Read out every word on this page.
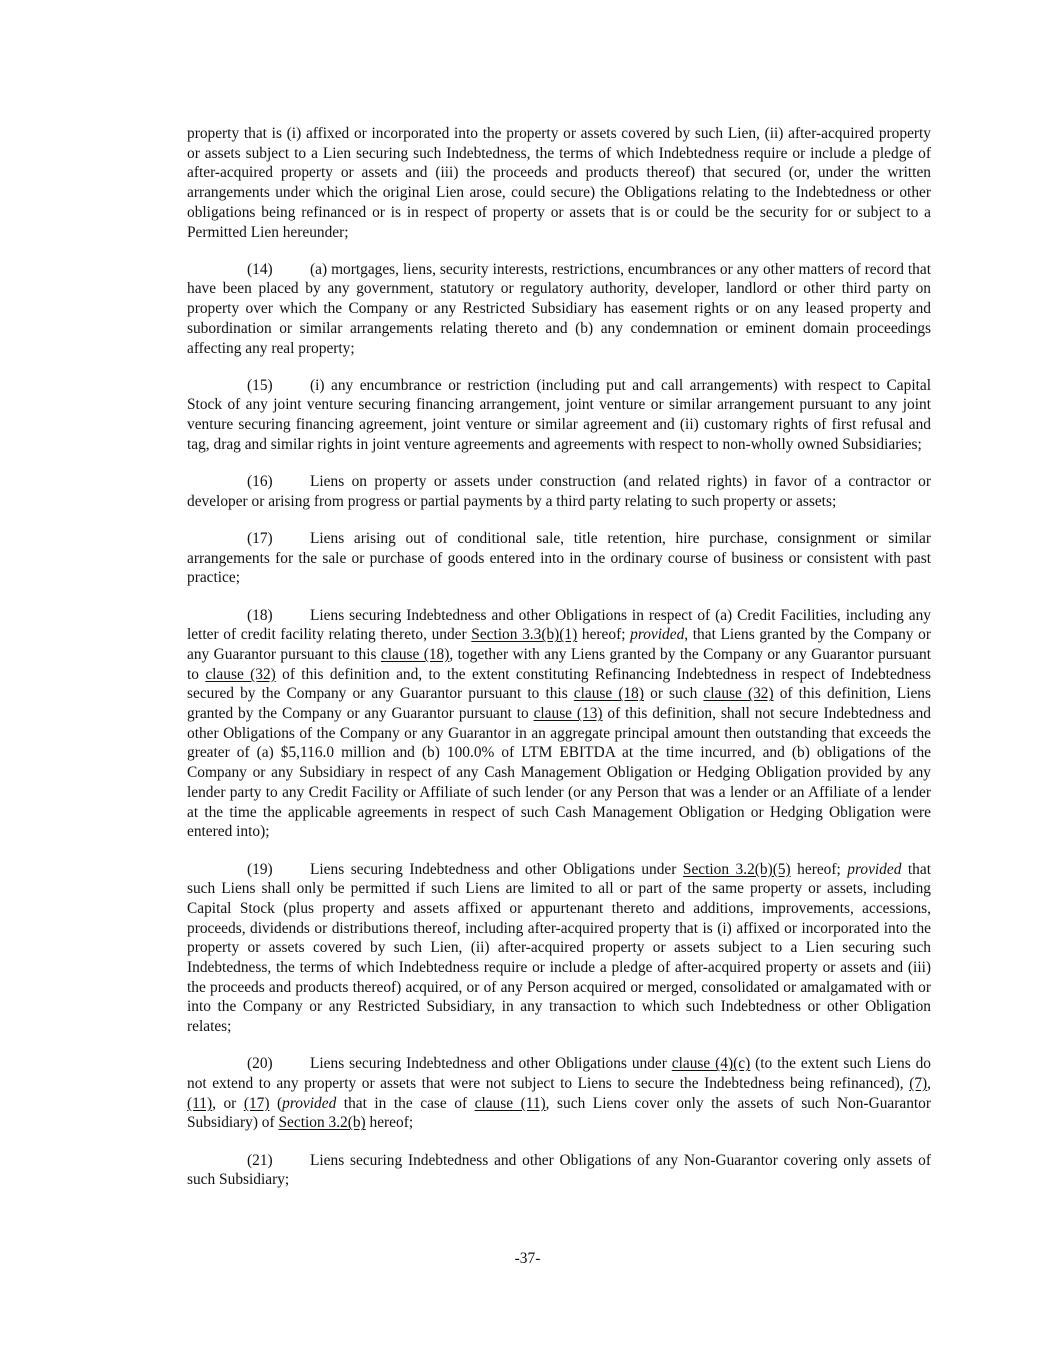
property that is (i) affixed or incorporated into the property or assets covered by such Lien, (ii) after-acquired property or assets subject to a Lien securing such Indebtedness, the terms of which Indebtedness require or include a pledge of after-acquired property or assets and (iii) the proceeds and products thereof) that secured (or, under the written arrangements under which the original Lien arose, could secure) the Obligations relating to the Indebtedness or other obligations being refinanced or is in respect of property or assets that is or could be the security for or subject to a Permitted Lien hereunder;

(14) (a) mortgages, liens, security interests, restrictions, encumbrances or any other matters of record that have been placed by any government, statutory or regulatory authority, developer, landlord or other third party on property over which the Company or any Restricted Subsidiary has easement rights or on any leased property and subordination or similar arrangements relating thereto and (b) any condemnation or eminent domain proceedings affecting any real property;

(15) (i) any encumbrance or restriction (including put and call arrangements) with respect to Capital Stock of any joint venture securing financing arrangement, joint venture or similar arrangement pursuant to any joint venture securing financing agreement, joint venture or similar agreement and (ii) customary rights of first refusal and tag, drag and similar rights in joint venture agreements and agreements with respect to non-wholly owned Subsidiaries;

(16) Liens on property or assets under construction (and related rights) in favor of a contractor or developer or arising from progress or partial payments by a third party relating to such property or assets;

(17) Liens arising out of conditional sale, title retention, hire purchase, consignment or similar arrangements for the sale or purchase of goods entered into in the ordinary course of business or consistent with past practice;

(18) Liens securing Indebtedness and other Obligations in respect of (a) Credit Facilities, including any letter of credit facility relating thereto, under Section 3.3(b)(1) hereof; provided, that Liens granted by the Company or any Guarantor pursuant to this clause (18), together with any Liens granted by the Company or any Guarantor pursuant to clause (32) of this definition and, to the extent constituting Refinancing Indebtedness in respect of Indebtedness secured by the Company or any Guarantor pursuant to this clause (18) or such clause (32) of this definition, Liens granted by the Company or any Guarantor pursuant to clause (13) of this definition, shall not secure Indebtedness and other Obligations of the Company or any Guarantor in an aggregate principal amount then outstanding that exceeds the greater of (a) $5,116.0 million and (b) 100.0% of LTM EBITDA at the time incurred, and (b) obligations of the Company or any Subsidiary in respect of any Cash Management Obligation or Hedging Obligation provided by any lender party to any Credit Facility or Affiliate of such lender (or any Person that was a lender or an Affiliate of a lender at the time the applicable agreements in respect of such Cash Management Obligation or Hedging Obligation were entered into);

(19) Liens securing Indebtedness and other Obligations under Section 3.2(b)(5) hereof; provided that such Liens shall only be permitted if such Liens are limited to all or part of the same property or assets, including Capital Stock (plus property and assets affixed or appurtenant thereto and additions, improvements, accessions, proceeds, dividends or distributions thereof, including after-acquired property that is (i) affixed or incorporated into the property or assets covered by such Lien, (ii) after-acquired property or assets subject to a Lien securing such Indebtedness, the terms of which Indebtedness require or include a pledge of after-acquired property or assets and (iii) the proceeds and products thereof) acquired, or of any Person acquired or merged, consolidated or amalgamated with or into the Company or any Restricted Subsidiary, in any transaction to which such Indebtedness or other Obligation relates;

(20) Liens securing Indebtedness and other Obligations under clause (4)(c) (to the extent such Liens do not extend to any property or assets that were not subject to Liens to secure the Indebtedness being refinanced), (7), (11), or (17) (provided that in the case of clause (11), such Liens cover only the assets of such Non-Guarantor Subsidiary) of Section 3.2(b) hereof;

(21) Liens securing Indebtedness and other Obligations of any Non-Guarantor covering only assets of such Subsidiary;

-37-
